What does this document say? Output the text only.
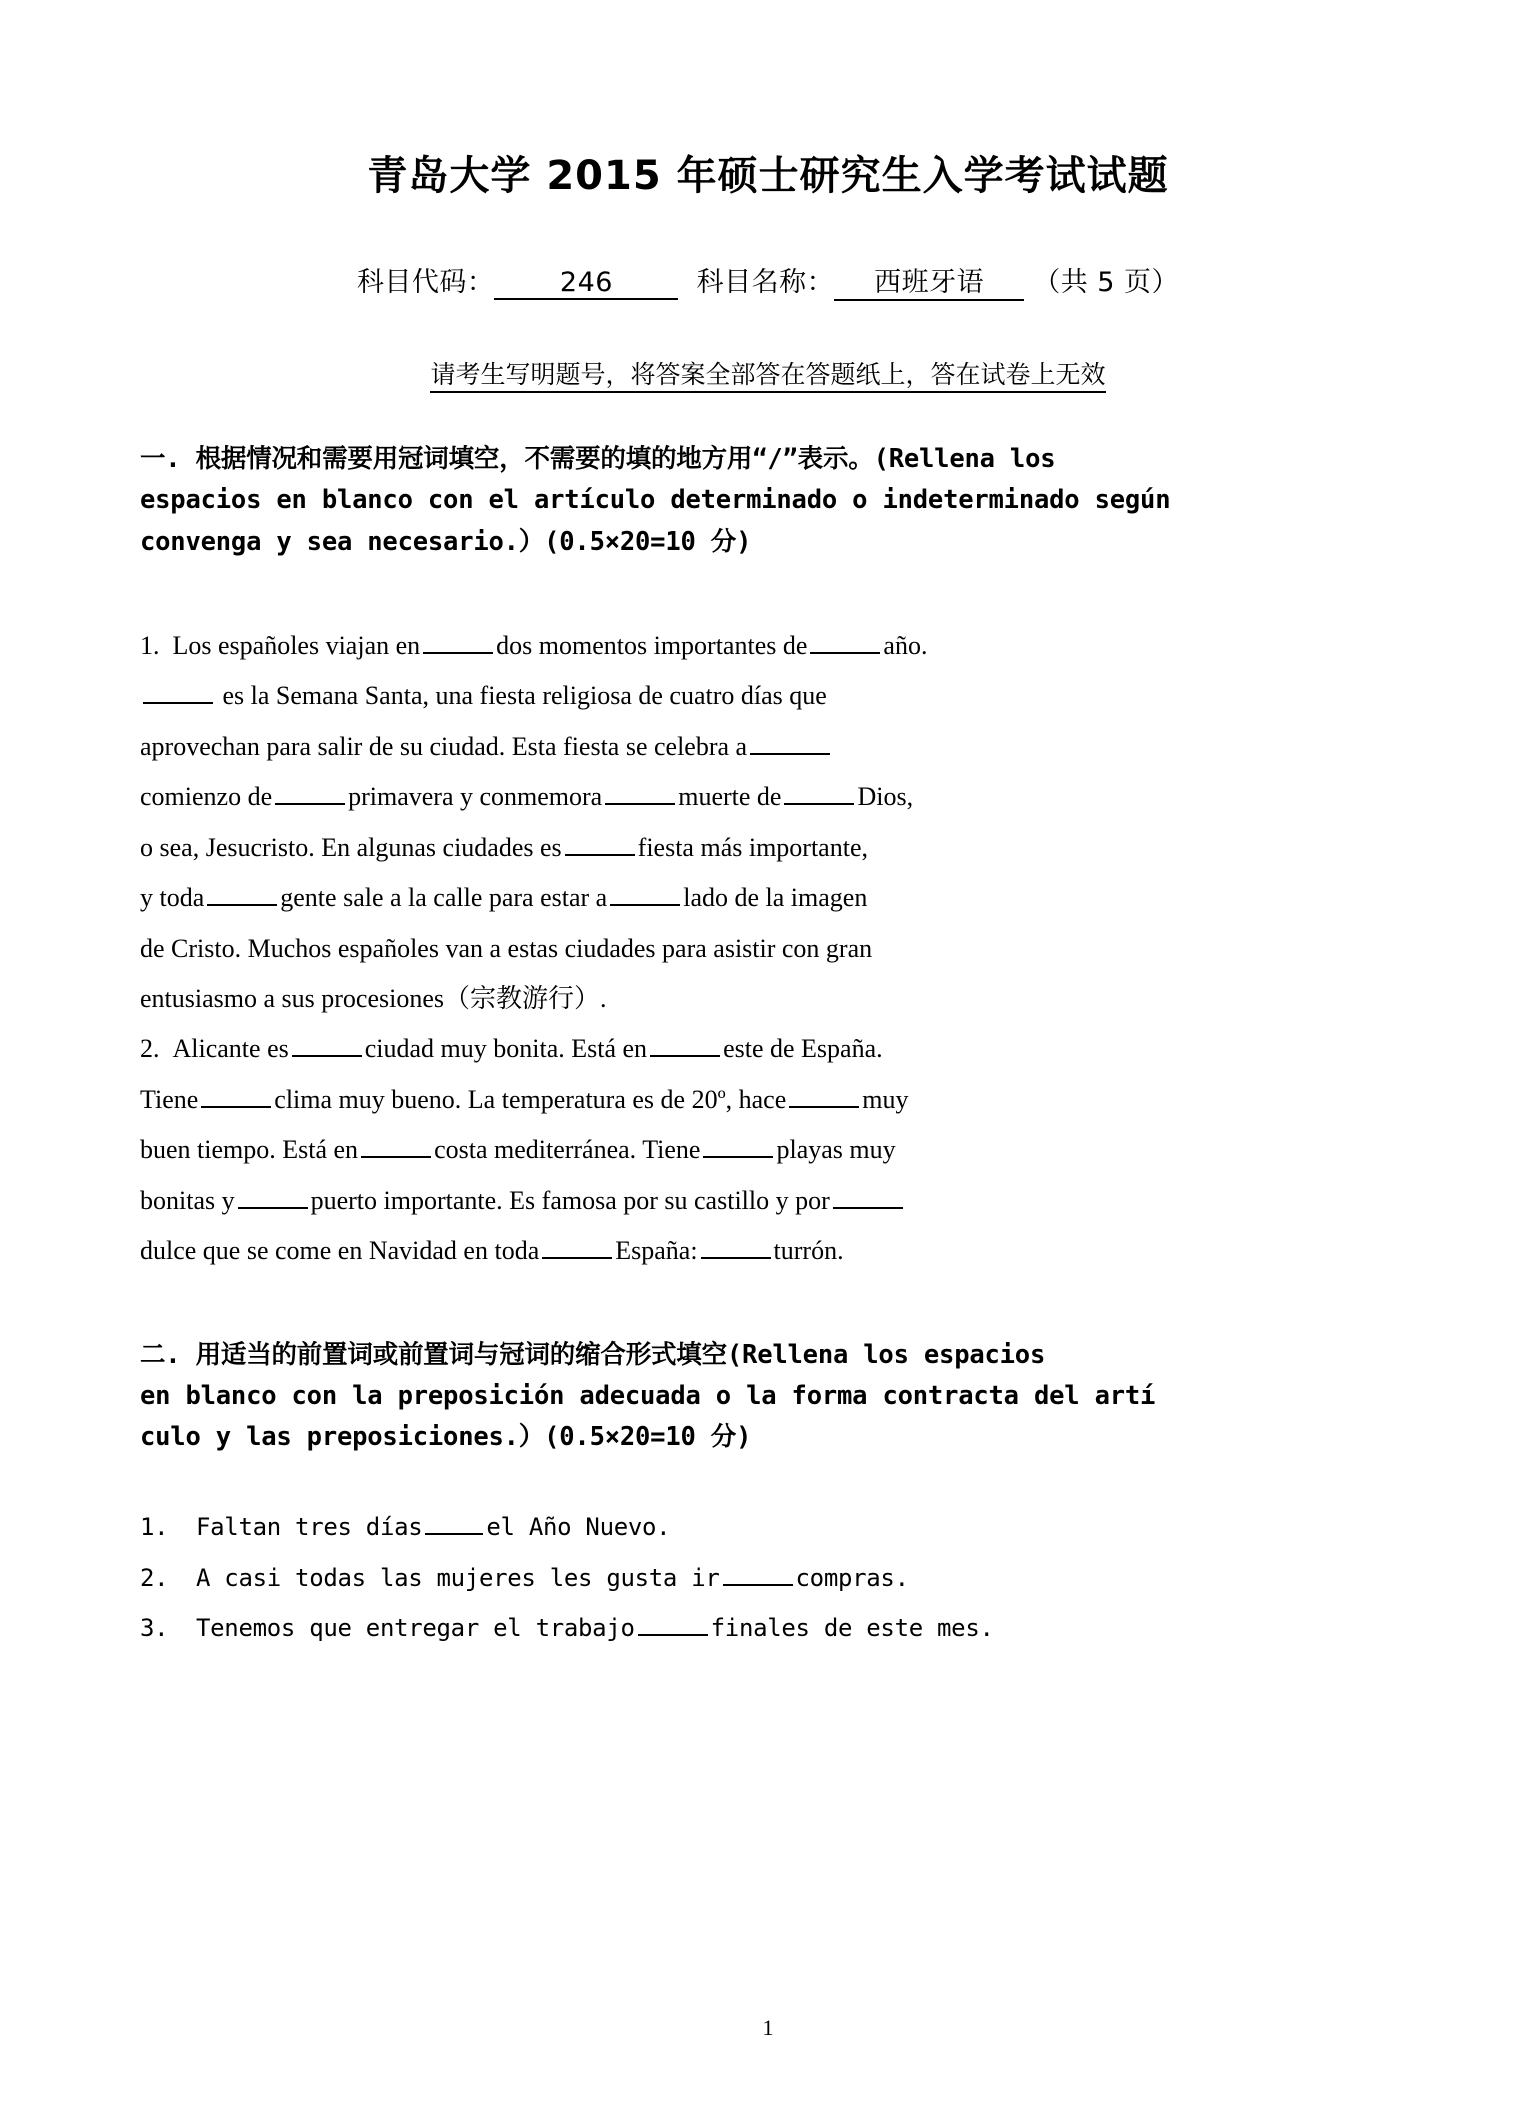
青岛大学 2015 年硕士研究生入学考试试题
科目代码： 246	科目名称： 西班牙语 （共 5 页）
请考生写明题号，将答案全部答在答题纸上，答在试卷上无效
一. 根据情况和需要用冠词填空，不需要的填的地方用“/”表示。(Rellena los
espacios en blanco con el artículo determinado o indeterminado según
convenga y sea necesario.）(0.5×20=10 分)
1. Los españoles viajan en	dos momentos importantes de	año.
es la Semana Santa, una fiesta religiosa de cuatro días que
aprovechan para salir de su ciudad. Esta fiesta se celebra a
comienzo de	primavera y conmemora	muerte de	Dios,
o sea, Jesucristo. En algunas ciudades es	fiesta más importante,
y toda	gente sale a la calle para estar a	lado de la imagen
de Cristo. Muchos españoles van a estas ciudades para asistir con gran
entusiasmo a sus procesiones（宗教游行）.
2. Alicante es	ciudad muy bonita. Está en	este de España.
Tiene	clima muy bueno. La temperatura es de 20º, hace	muy
buen tiempo. Está en	costa mediterránea. Tiene	playas muy
bonitas y	puerto importante. Es famosa por su castillo y por
dulce que se come en Navidad en toda	España:	turrón.
二. 用适当的前置词或前置词与冠词的缩合形式填空(Rellena los espacios
en blanco con la preposición adecuada o la forma contracta del artí
culo y las preposiciones.）(0.5×20=10 分)
1. Faltan tres días	el Año Nuevo.
2. A casi todas las mujeres les gusta ir	compras.
3. Tenemos que entregar el trabajo	finales de este mes.
1
